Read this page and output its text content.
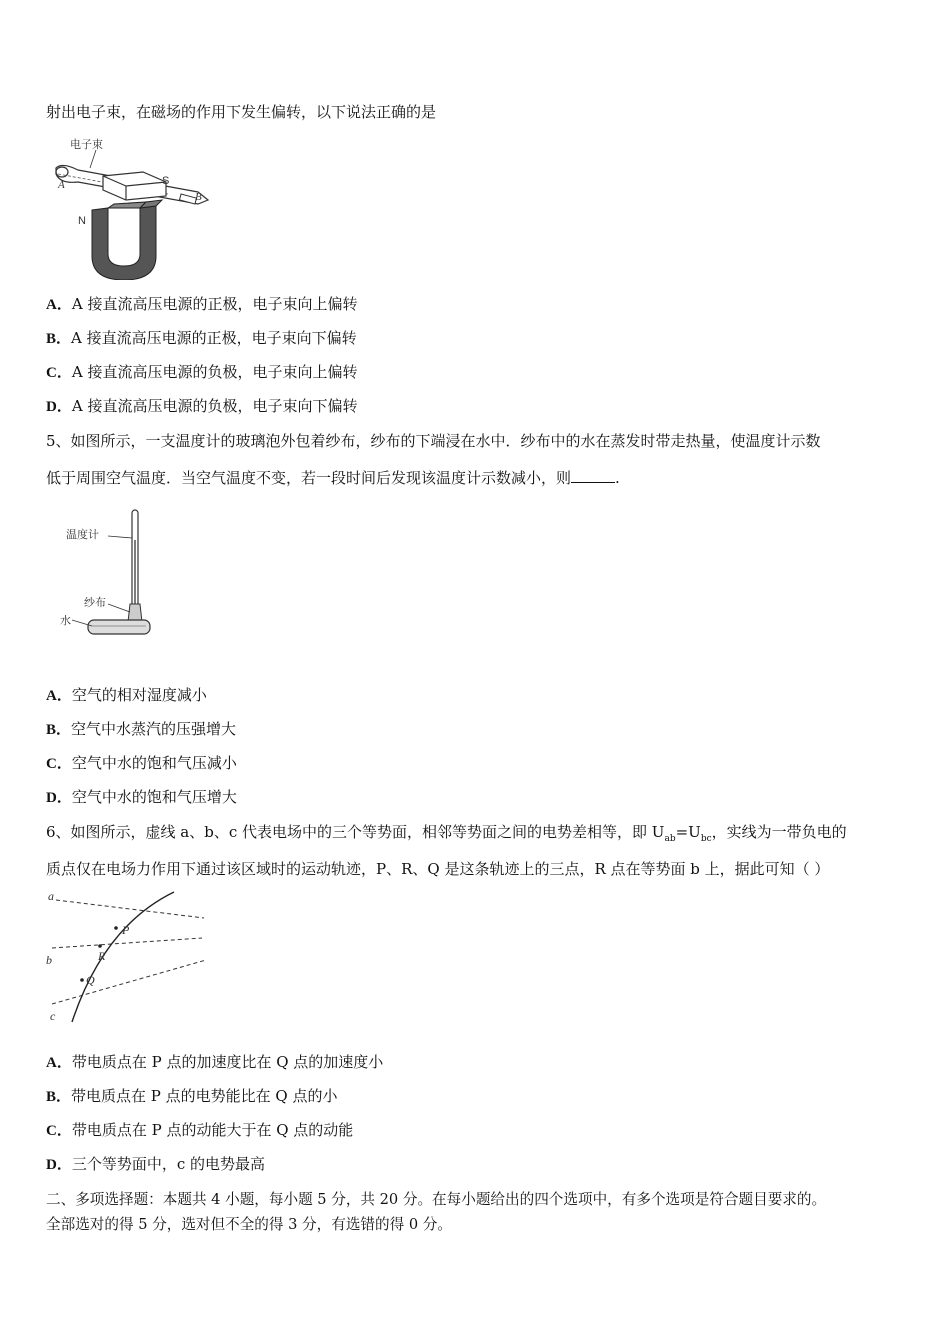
射出电子束，在磁场的作用下发生偏转，以下说法正确的是
电子束
S
N
A
B
A．A 接直流高压电源的正极，电子束向上偏转
B．A 接直流高压电源的正极，电子束向下偏转
C．A 接直流高压电源的负极，电子束向上偏转
D．A 接直流高压电源的负极，电子束向下偏转
5、如图所示，一支温度计的玻璃泡外包着纱布，纱布的下端浸在水中．纱布中的水在蒸发时带走热量，使温度计示数
低于周围空气温度．当空气温度不变，若一段时间后发现该温度计示数减小，则	.
温度计
纱布
水
A．空气的相对湿度减小
B．空气中水蒸汽的压强增大
C．空气中水的饱和气压减小
D．空气中水的饱和气压增大
6、如图所示，虚线 a、b、c 代表电场中的三个等势面，相邻等势面之间的电势差相等，即 $U_{ab}=U_{bc}$，实线为一带负电的
质点仅在电场力作用下通过该区域时的运动轨迹，P、R、Q 是这条轨迹上的三点，R 点在等势面 b 上，据此可知（ ）
a
b
c
P
R
Q
A．带电质点在 P 点的加速度比在 Q 点的加速度小
B．带电质点在 P 点的电势能比在 Q 点的小
C．带电质点在 P 点的动能大于在 Q 点的动能
D．三个等势面中，c 的电势最高
二、多项选择题：本题共 4 小题，每小题 5 分，共 20 分。在每小题给出的四个选项中，有多个选项是符合题目要求的。
全部选对的得 5 分，选对但不全的得 3 分，有选错的得 0 分。
